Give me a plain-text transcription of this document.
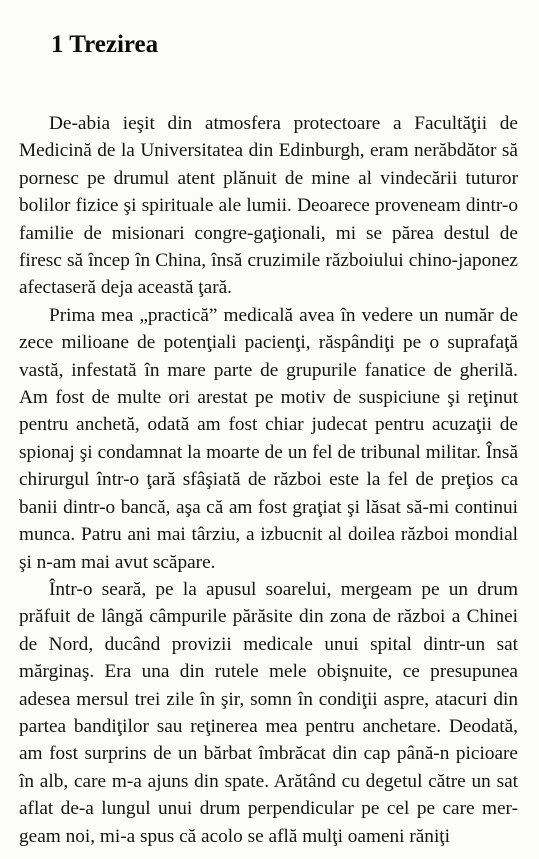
1 Trezirea

De-abia ieşit din atmosfera protectoare a Facultăţii de Medicină de la Universitatea din Edinburgh, eram nerăbdător să pornesc pe drumul atent plănuit de mine al vindecării tuturor bolilor fizice şi spirituale ale lumii. Deoarece proveneam dintr-o familie de misionari congre-gaţionali, mi se părea destul de firesc să încep în China, însă cruzimile războiului chino-japonez afectaseră deja această ţară.

Prima mea „practică” medicală avea în vedere un număr de zece milioane de potenţiali pacienţi, răspândiţi pe o suprafaţă vastă, infestată în mare parte de grupurile fanatice de gherilă. Am fost de multe ori arestat pe motiv de suspiciune şi reţinut pentru anchetă, odată am fost chiar judecat pentru acuzaţii de spionaj şi condamnat la moarte de un fel de tribunal militar. Însă chirurgul într-o ţară sfâşiată de război este la fel de preţios ca banii dintr-o bancă, aşa că am fost graţiat şi lăsat să-mi continui munca. Patru ani mai târziu, a izbucnit al doilea război mondial şi n-am mai avut scăpare.

Într-o seară, pe la apusul soarelui, mergeam pe un drum prăfuit de lângă câmpurile părăsite din zona de război a Chinei de Nord, ducând provizii medicale unui spital dintr-un sat mărginaş. Era una din rutele mele obişnuite, ce presupunea adesea mersul trei zile în şir, somn în condiţii aspre, atacuri din partea bandiţilor sau reţinerea mea pentru anchetare. Deodată, am fost surprins de un bărbat îmbrăcat din cap până-n picioare în alb, care m-a ajuns din spate. Arătând cu degetul către un sat aflat de-a lungul unui drum perpendicular pe cel pe care mer-geam noi, mi-a spus că acolo se află mulţi oameni răniţi
